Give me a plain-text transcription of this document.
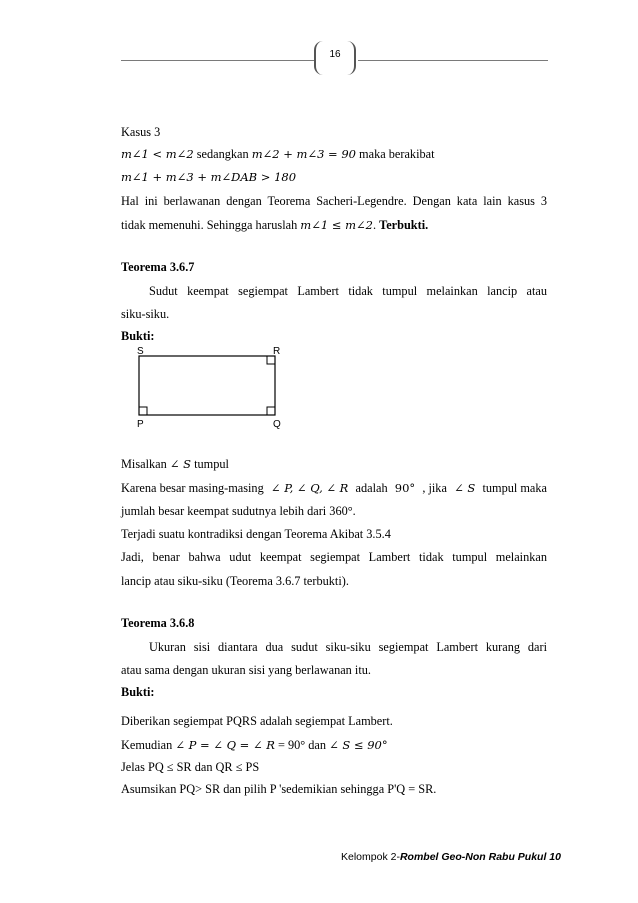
16
Kasus 3
m∠1 < m∠2 sedangkan m∠2 + m∠3 = 90 maka berakibat
m∠1 + m∠3 + m∠DAB > 180
Hal ini berlawanan dengan Teorema Sacheri-Legendre. Dengan kata lain kasus 3
tidak memenuhi. Sehingga haruslah m∠1 ≤ m∠2. Terbukti.
Teorema 3.6.7
Sudut keempat segiempat Lambert tidak tumpul melainkan lancip atau
siku-siku.
Bukti:
S	R
P	Q
Misalkan ∠ S tumpul
Karena besar masing-masing ∠ P, ∠ Q, ∠ R adalah 90° , jika ∠ S tumpul maka
jumlah besar keempat sudutnya lebih dari 360°.
Terjadi suatu kontradiksi dengan Teorema Akibat 3.5.4
Jadi, benar bahwa udut keempat segiempat Lambert tidak tumpul melainkan
lancip atau siku-siku (Teorema 3.6.7 terbukti).
Teorema 3.6.8
Ukuran sisi diantara dua sudut siku-siku segiempat Lambert kurang dari
atau sama dengan ukuran sisi yang berlawanan itu.
Bukti:
Diberikan segiempat PQRS adalah segiempat Lambert.
Kemudian ∠ P = ∠ Q = ∠ R = 90° dan ∠ S ≤ 90°
Jelas PQ ≤ SR dan QR ≤ PS
Asumsikan PQ> SR dan pilih P 'sedemikian sehingga P'Q = SR.
Kelompok 2-Rombel Geo-Non Rabu Pukul 10
